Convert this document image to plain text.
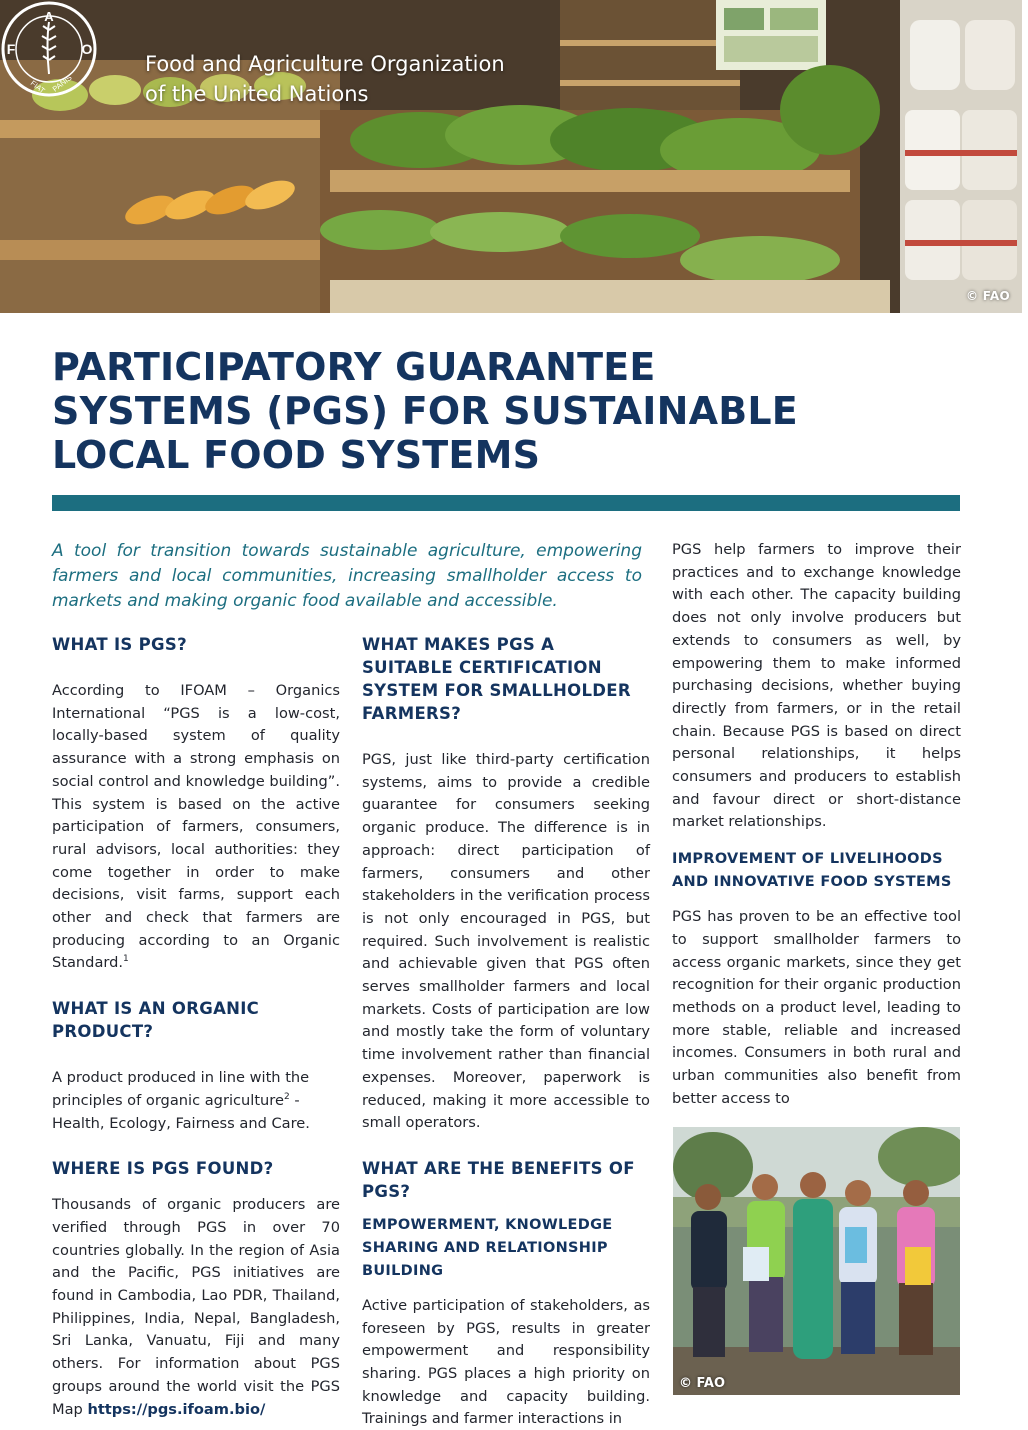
A
F	O
FIAT PANIS
Food and Agriculture Organization
of the United Nations
© FAO
PARTICIPATORY GUARANTEE
SYSTEMS (PGS) FOR SUSTAINABLE
LOCAL FOOD SYSTEMS

A tool for transition towards sustainable agriculture, empowering farmers and local communities, increasing smallholder access to markets and making organic food available and accessible.

WHAT IS PGS?

According to IFOAM – Organics International “PGS is a low-cost, locally-based system of quality assurance with a strong emphasis on social control and knowledge building”. This system is based on the active participation of farmers, consumers, rural advisors, local authorities: they come together in order to make decisions, visit farms, support each other and check that farmers are producing according to an Organic Standard.$^1$

WHAT IS AN ORGANIC PRODUCT?

A product produced in line with the principles of organic agriculture$^2$ - Health, Ecology, Fairness and Care.

WHERE IS PGS FOUND?

Thousands of organic producers are verified through PGS in over 70 countries globally. In the region of Asia and the Pacific, PGS initiatives are found in Cambodia, Lao PDR, Thailand, Philippines, India, Nepal, Bangladesh, Sri Lanka, Vanuatu, Fiji and many others. For information about PGS groups around the world visit the PGS Map https://pgs.ifoam.bio/

WHAT MAKES PGS A SUITABLE CERTIFICATION SYSTEM FOR SMALLHOLDER FARMERS?

PGS, just like third-party certification systems, aims to provide a credible guarantee for consumers seeking organic produce. The difference is in approach: direct participation of farmers, consumers and other stakeholders in the verification process is not only encouraged in PGS, but required. Such involvement is realistic and achievable given that PGS often serves smallholder farmers and local markets. Costs of participation are low and mostly take the form of voluntary time involvement rather than financial expenses. Moreover, paperwork is reduced, making it more accessible to small operators.

WHAT ARE THE BENEFITS OF PGS?
EMPOWERMENT, KNOWLEDGE SHARING AND RELATIONSHIP BUILDING

Active participation of stakeholders, as foreseen by PGS, results in greater empowerment and responsibility sharing. PGS places a high priority on knowledge and capacity building. Trainings and farmer interactions in

PGS help farmers to improve their practices and to exchange knowledge with each other. The capacity building does not only involve producers but extends to consumers as well, by empowering them to make informed purchasing decisions, whether buying directly from farmers, or in the retail chain. Because PGS is based on direct personal relationships, it helps consumers and producers to establish and favour direct or short-distance market relationships.

IMPROVEMENT OF LIVELIHOODS AND INNOVATIVE FOOD SYSTEMS

PGS has proven to be an effective tool to support smallholder farmers to access organic markets, since they get recognition for their organic production methods on a product level, leading to more stable, reliable and increased incomes. Consumers in both rural and urban communities also benefit from better access to

© FAO
